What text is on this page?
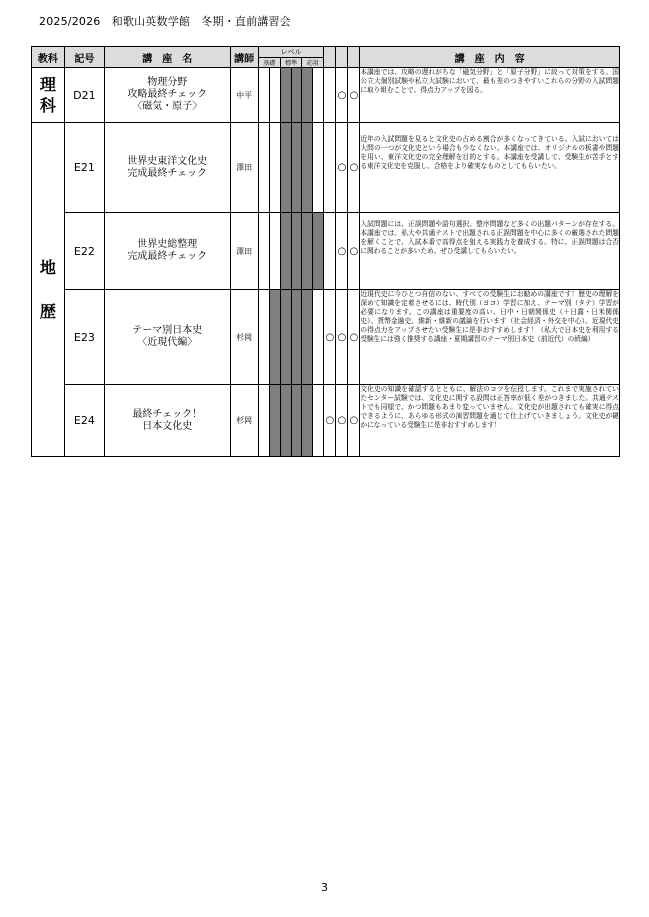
2025/2026　和歌山英数学館　冬期・直前講習会
教科	記号	講　座　名	講師	レベル									講　座　内　容
				基礎		標準		応用					
理科	D21	物理分野
攻略最終チェック
〈磁気・原子〉	中平								○	○	本講座では、攻略の遅れがちな「磁気分野」と「原子分野」に絞って対策をする。国公立大個別試験や私立大試験において、最も差のつきやすいこれらの分野の入試問題に取り組むことで、得点力アップを図る。
地歴	E21	世界史東洋文化史
完成最終チェック	澤田								○	○	近年の入試問題を見ると文化史の占める割合が多くなってきている。入試においては大問の一つが文化史という場合も少なくない。本講座では、オリジナルの板書や問題を用い、東洋文化史の完全理解を目的とする。本講座を受講して、受験生が苦手とする東洋文化史を克服し、合格をより確実なものとしてもらいたい。
	E22	世界史総整理
完成最終チェック	澤田								○	○	入試問題には、正誤問題や語句選択、整序問題など多くの出題パターンが存在する。本講座では、私大や共通テストで出題される正誤問題を中心に多くの厳選された問題を解くことで、入試本番で高得点を狙える実践力を養成する。特に、正誤問題は合否に関わることが多いため、ぜひ受講してもらいたい。
	E23	テーマ別日本史
〈近現代編〉	杉岡							○	○	○	近現代史に今ひとつ自信のない、すべての受験生にお勧めの講座です！歴史の理解を深めて知識を定着させるには、時代別（ヨコ）学習に加え、テーマ別（タテ）学習が必要になります。この講座は重要度の高い、日中・日朝関係史（＋日露・日米関係史）、貨幣金融史、維新・維新の議論を行います（社会経済・外交を中心）。近現代史の得点力をアップさせたい受験生に是非おすすめします！（私大で日本史を利用する受験生には強く推奨する講座・夏期講習のテーマ別日本史（前近代）の続編）
	E24	最終チェック！
日本文化史	杉岡							○	○	○	文化史の知識を確認するとともに、解法のコツを伝授します。これまで実施されていたセンター試験では、文化史に関する設問は正答率が低く差がつきました。共通テストでも同様で、かつ問題もあまり変っていません。文化史が出題されても確実に得点できるように、あらゆる形式の演習問題を通じて仕上げていきましょう。文化史が鍵かになっている受験生に是非おすすめします！
3
